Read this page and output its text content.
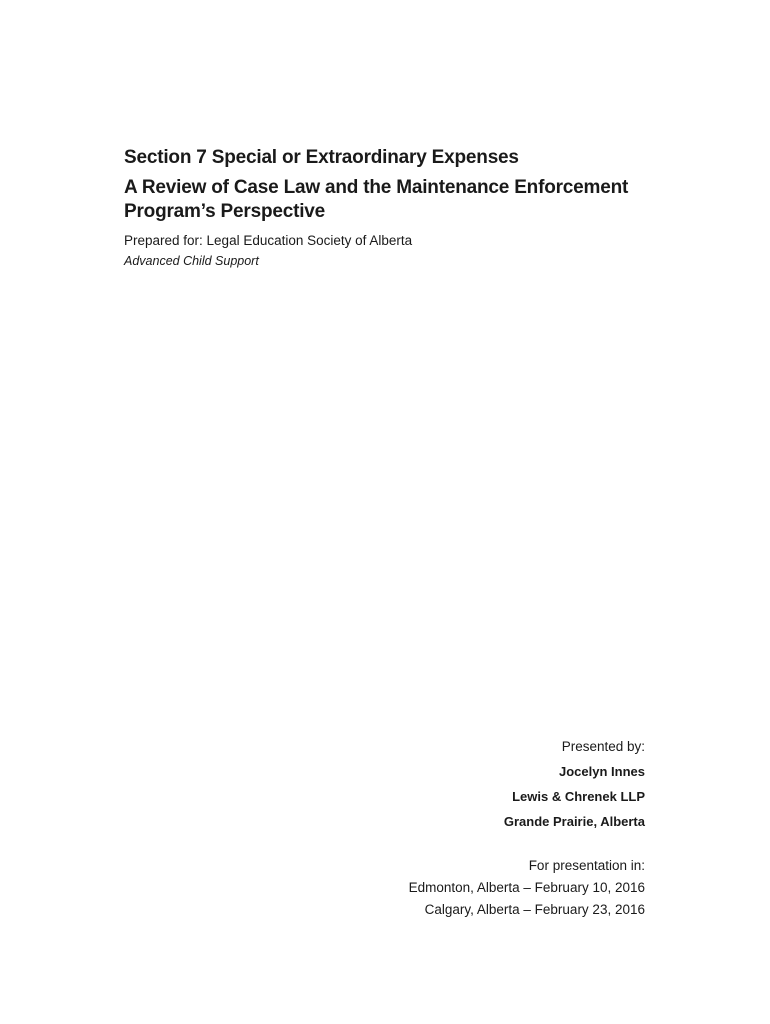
Section 7 Special or Extraordinary Expenses
A Review of Case Law and the Maintenance Enforcement
Program’s Perspective

Prepared for: Legal Education Society of Alberta

Advanced Child Support

Presented by:

Jocelyn Innes

Lewis & Chrenek LLP

Grande Prairie, Alberta

For presentation in:

Edmonton, Alberta – February 10, 2016

Calgary, Alberta – February 23, 2016
